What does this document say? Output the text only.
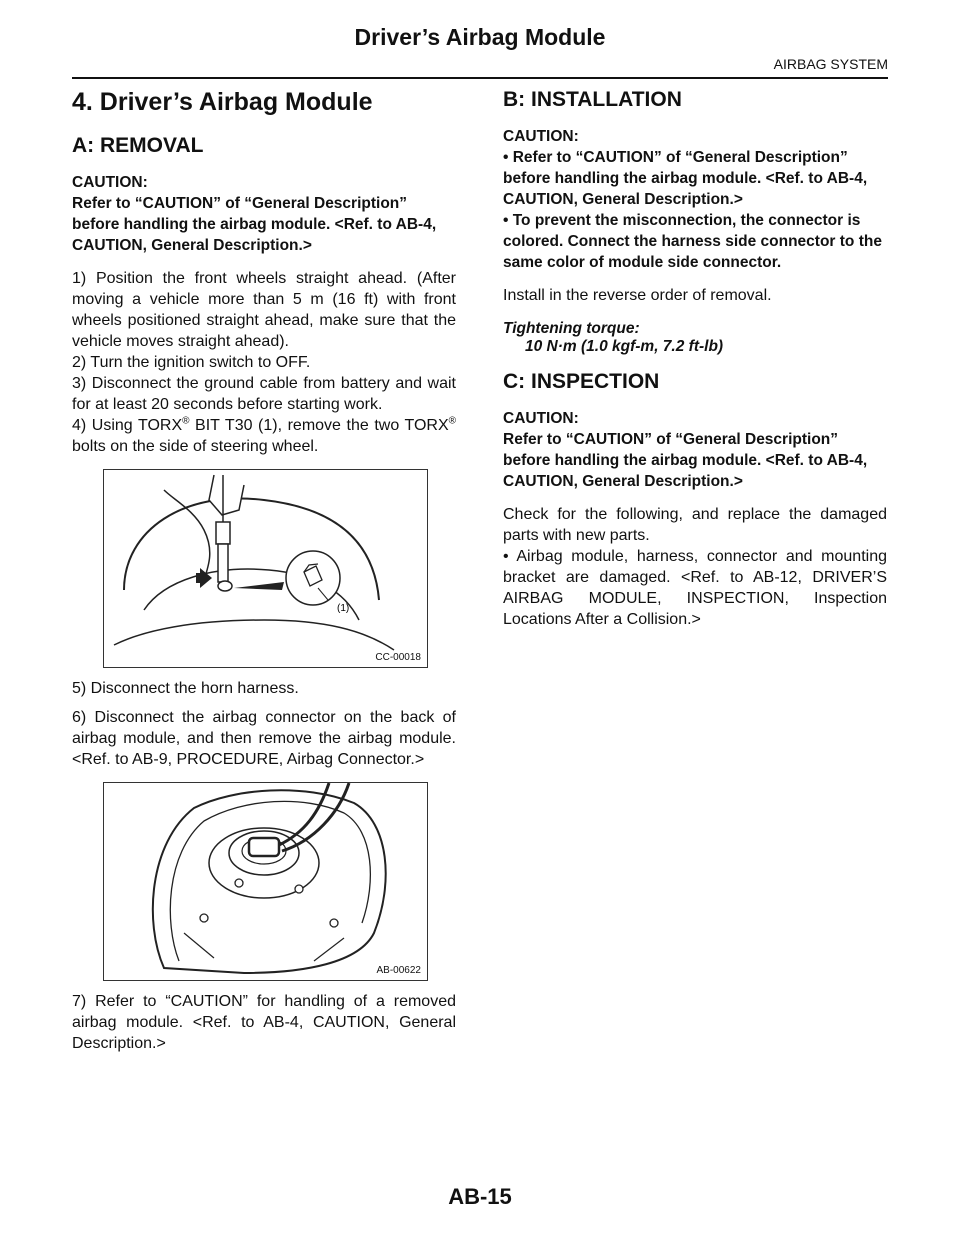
Driver’s Airbag Module
AIRBAG SYSTEM
4. Driver’s Airbag Module
A: REMOVAL
CAUTION:
Refer to “CAUTION” of “General Description” before handling the airbag module. <Ref. to AB-4, CAUTION, General Description.>

1) Position the front wheels straight ahead. (After moving a vehicle more than 5 m (16 ft) with front wheels positioned straight ahead, make sure that the vehicle moves straight ahead).

2) Turn the ignition switch to OFF.

3) Disconnect the ground cable from battery and wait for at least 20 seconds before starting work.

4) Using TORX® BIT T30 (1), remove the two TORX® bolts on the side of steering wheel.

(1)
CC-00018

5) Disconnect the horn harness.

6) Disconnect the airbag connector on the back of airbag module, and then remove the airbag module. <Ref. to AB-9, PROCEDURE, Airbag Connector.>

AB-00622

7) Refer to “CAUTION” for handling of a removed airbag module. <Ref. to AB-4, CAUTION, General Description.>

B: INSTALLATION
CAUTION:
• Refer to “CAUTION” of “General Description” before handling the airbag module. <Ref. to AB-4, CAUTION, General Description.>
• To prevent the misconnection, the connector is colored. Connect the harness side connector to the same color of module side connector.

Install in the reverse order of removal.

Tightening torque:
10 N·m (1.0 kgf-m, 7.2 ft-lb)
C: INSPECTION
CAUTION:
Refer to “CAUTION” of “General Description” before handling the airbag module. <Ref. to AB-4, CAUTION, General Description.>

Check for the following, and replace the damaged parts with new parts.

• Airbag module, harness, connector and mounting bracket are damaged. <Ref. to AB-12, DRIVER’S AIRBAG MODULE, INSPECTION, Inspection Locations After a Collision.>

AB-15
